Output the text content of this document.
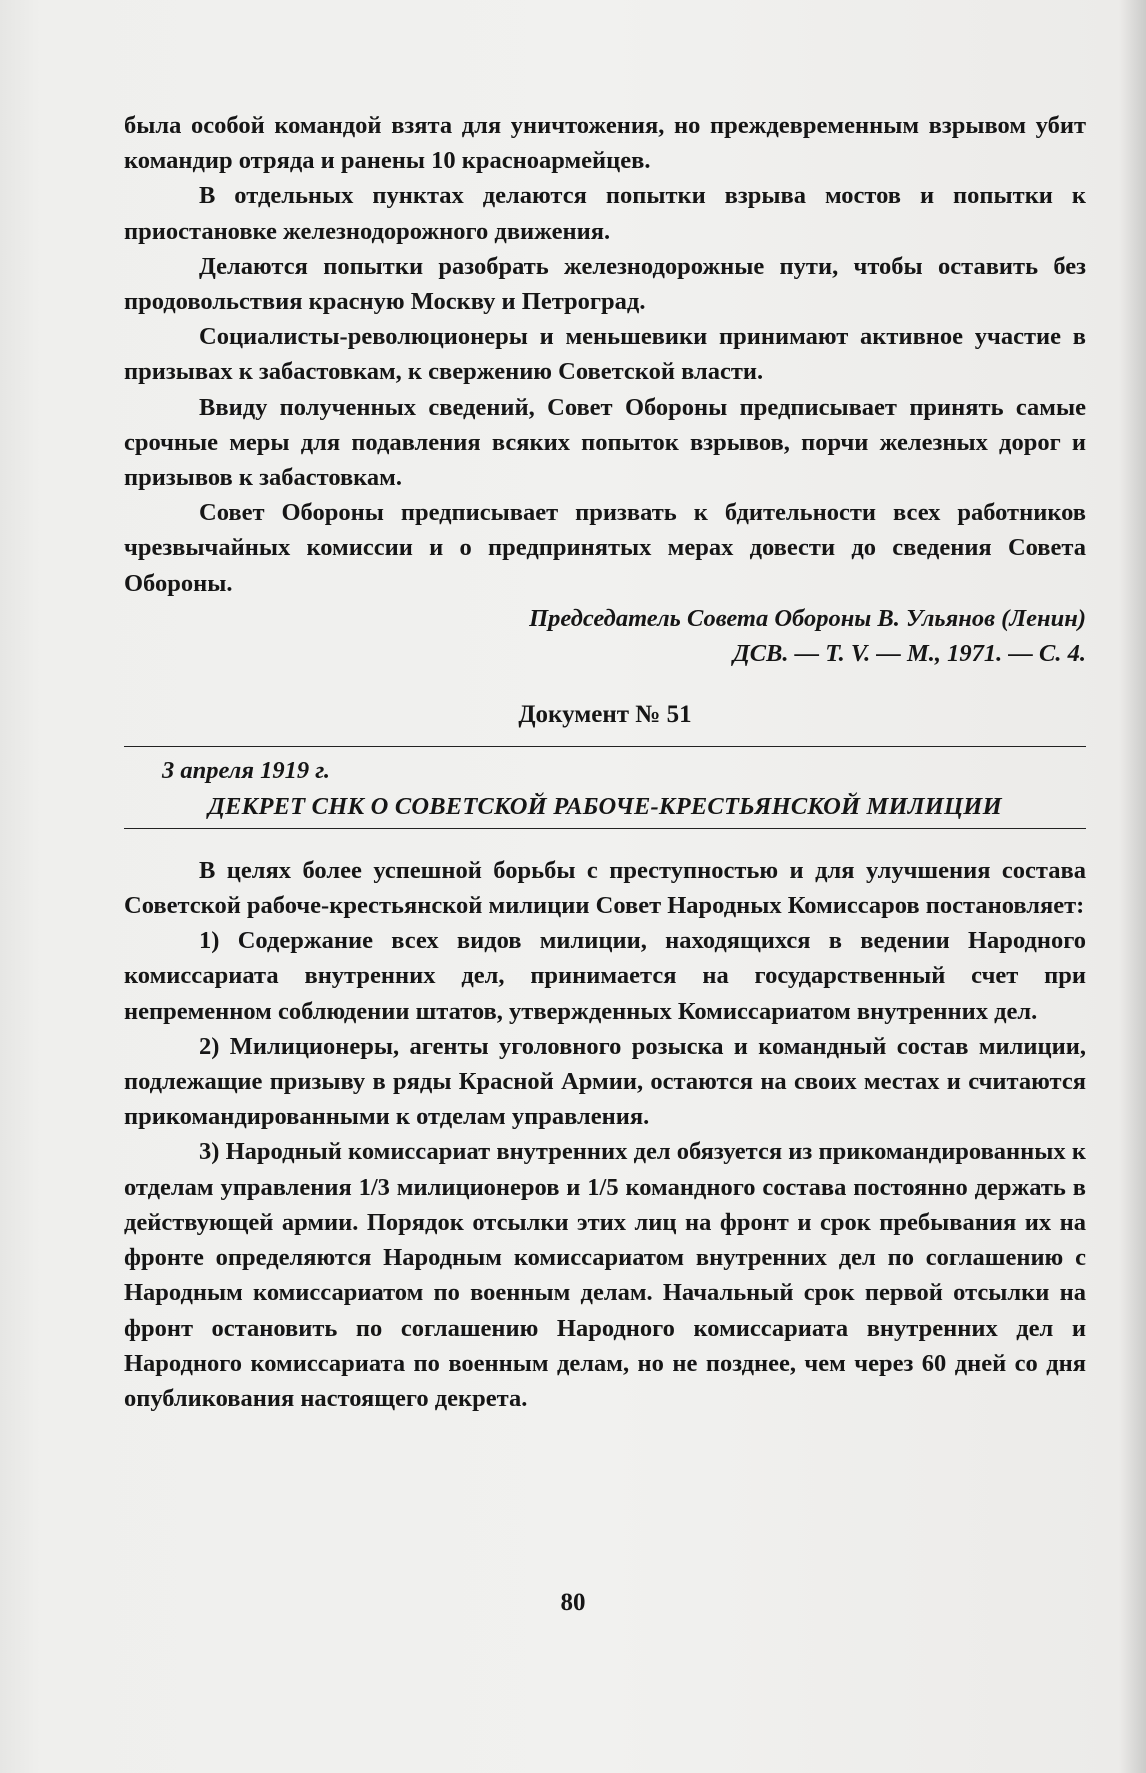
была особой командой взята для уничтожения, но преждевременным взрывом убит командир отряда и ранены 10 красноармейцев.

В отдельных пунктах делаются попытки взрыва мостов и попытки к приостановке железнодорожного движения.

Делаются попытки разобрать железнодорожные пути, чтобы оставить без продовольствия красную Москву и Петроград.

Социалисты-революционеры и меньшевики принимают активное участие в призывах к забастовкам, к свержению Советской власти.

Ввиду полученных сведений, Совет Обороны предписывает принять самые срочные меры для подавления всяких попыток взрывов, порчи железных дорог и призывов к забастовкам.

Совет Обороны предписывает призвать к бдительности всех работников чрезвычайных комиссии и о предпринятых мерах довести до сведения Совета Обороны.

Председатель Совета Обороны В. Ульянов (Ленин)

ДСВ. — Т. V. — М., 1971. — С. 4.

Документ № 51
3 апреля 1919 г.
ДЕКРЕТ СНК О СОВЕТСКОЙ РАБОЧЕ-КРЕСТЬЯНСКОЙ МИЛИЦИИ

В целях более успешной борьбы с преступностью и для улучшения состава Советской рабоче-крестьянской милиции Совет Народных Комиссаров постановляет:

1) Содержание всех видов милиции, находящихся в ведении Народного комиссариата внутренних дел, принимается на государственный счет при непременном соблюдении штатов, утвержденных Комиссариатом внутренних дел.

2) Милиционеры, агенты уголовного розыска и командный состав милиции, подлежащие призыву в ряды Красной Армии, остаются на своих местах и считаются прикомандированными к отделам управления.

3) Народный комиссариат внутренних дел обязуется из прикомандированных к отделам управления 1/3 милиционеров и 1/5 командного состава постоянно держать в действующей армии. Порядок отсылки этих лиц на фронт и срок пребывания их на фронте определяются Народным комиссариатом внутренних дел по соглашению с Народным комиссариатом по военным делам. Начальный срок первой отсылки на фронт остановить по соглашению Народного комиссариата внутренних дел и Народного комиссариата по военным делам, но не позднее, чем через 60 дней со дня опубликования настоящего декрета.

80
